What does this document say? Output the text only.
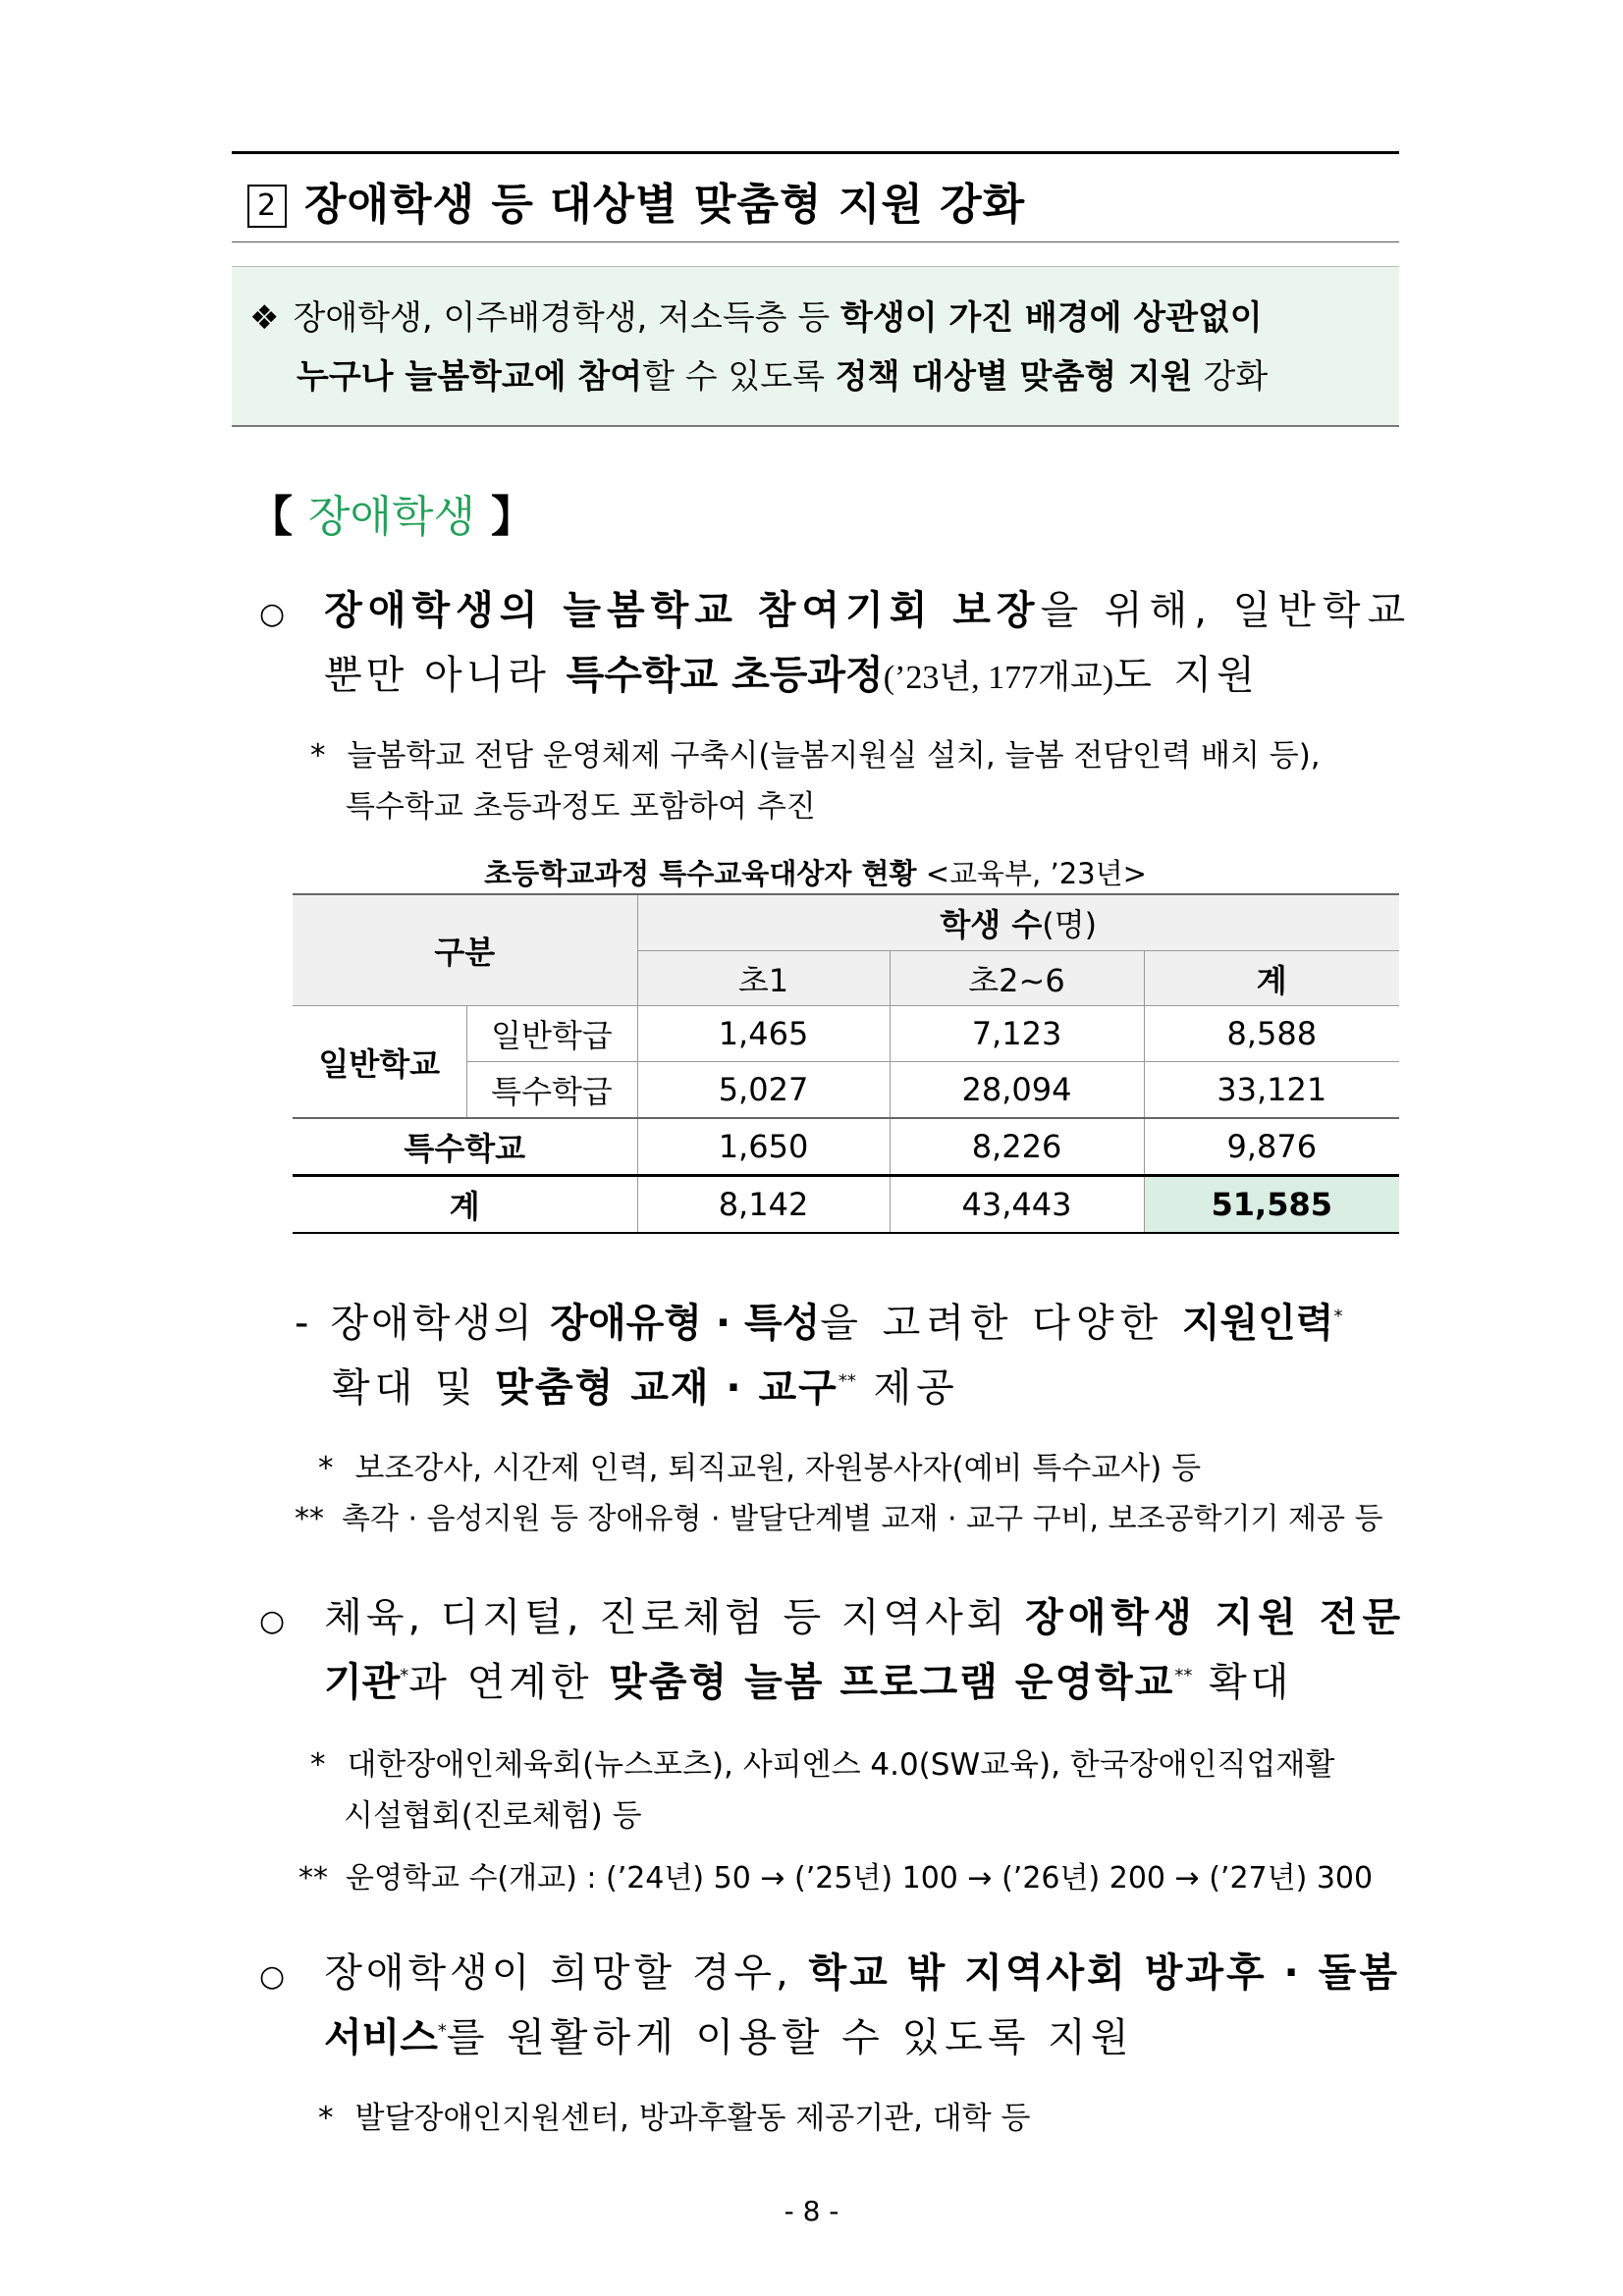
2 장애학생 등 대상별 맞춤형 지원 강화
❖ 장애학생, 이주배경학생, 저소득층 등 학생이 가진 배경에 상관없이
누구나 늘봄학교에 참여할 수 있도록 정책 대상별 맞춤형 지원 강화
【 장애학생 】
○ 장애학생의 늘봄학교 참여기회 보장을 위해, 일반학교
뿐만 아니라 특수학교 초등과정(’23년, 177개교)도 지원
* 늘봄학교 전담 운영체제 구축시(늘봄지원실 설치, 늘봄 전담인력 배치 등),
특수학교 초등과정도 포함하여 추진
초등학교과정 특수교육대상자 현황 <교육부, ’23년>
구분		학생 수(명)		
		초1	초2~6	계
일반학교	일반학급	1,465	7,123	8,588
	특수학급	5,027	28,094	33,121
특수학교		1,650	8,226	9,876
계		8,142	43,443	51,585
- 장애학생의 장애유형 · 특성을 고려한 다양한 지원인력*
확대 및 맞춤형 교재 · 교구** 제공
* 보조강사, 시간제 인력, 퇴직교원, 자원봉사자(예비 특수교사) 등
** 촉각 · 음성지원 등 장애유형 · 발달단계별 교재 · 교구 구비, 보조공학기기 제공 등
○ 체육, 디지털, 진로체험 등 지역사회 장애학생 지원 전문
기관*과 연계한 맞춤형 늘봄 프로그램 운영학교** 확대
* 대한장애인체육회(뉴스포츠), 사피엔스 4.0(SW교육), 한국장애인직업재활
시설협회(진로체험) 등
** 운영학교 수(개교) : (’24년) 50 → (’25년) 100 → (’26년) 200 → (’27년) 300
○ 장애학생이 희망할 경우, 학교 밖 지역사회 방과후 · 돌봄
서비스*를 원활하게 이용할 수 있도록 지원
* 발달장애인지원센터, 방과후활동 제공기관, 대학 등
- 8 -
